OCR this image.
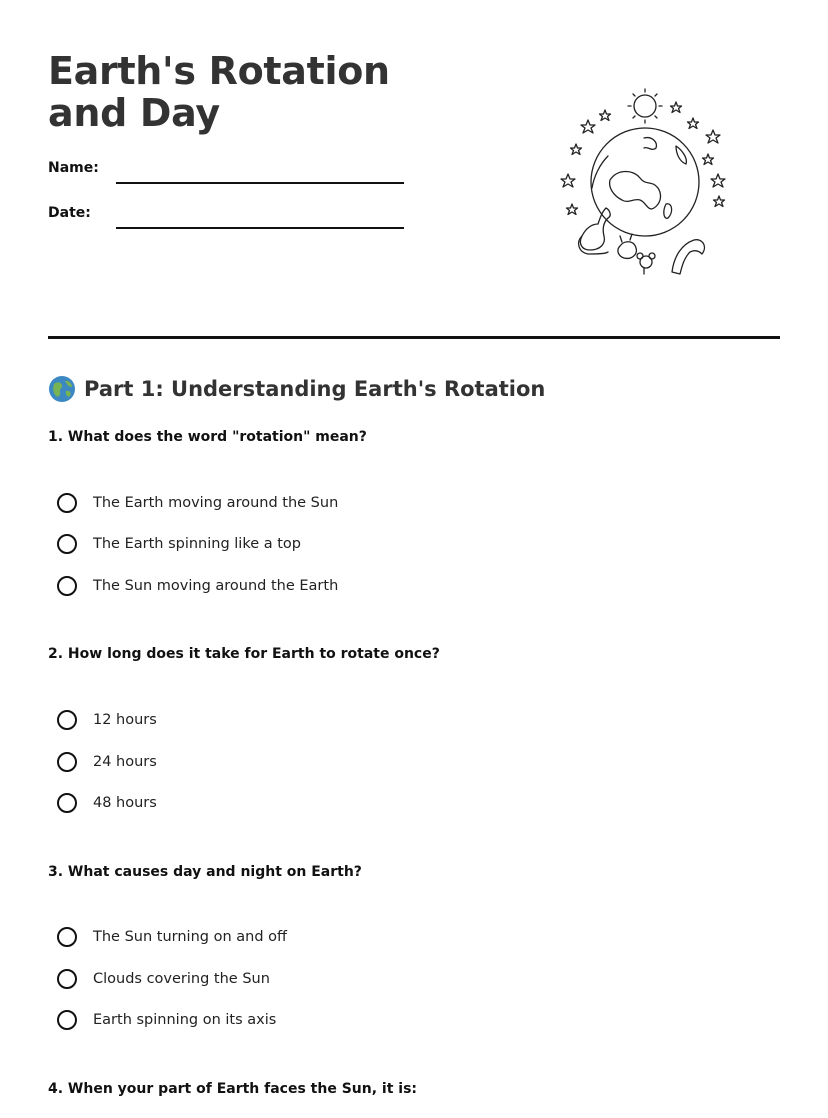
Earth's Rotation and Day
Name:
Date:
Part 1: Understanding Earth's Rotation
1. What does the word "rotation" mean?
The Earth moving around the Sun
The Earth spinning like a top
The Sun moving around the Earth
2. How long does it take for Earth to rotate once?
12 hours
24 hours
48 hours
3. What causes day and night on Earth?
The Sun turning on and off
Clouds covering the Sun
Earth spinning on its axis
4. When your part of Earth faces the Sun, it is:
